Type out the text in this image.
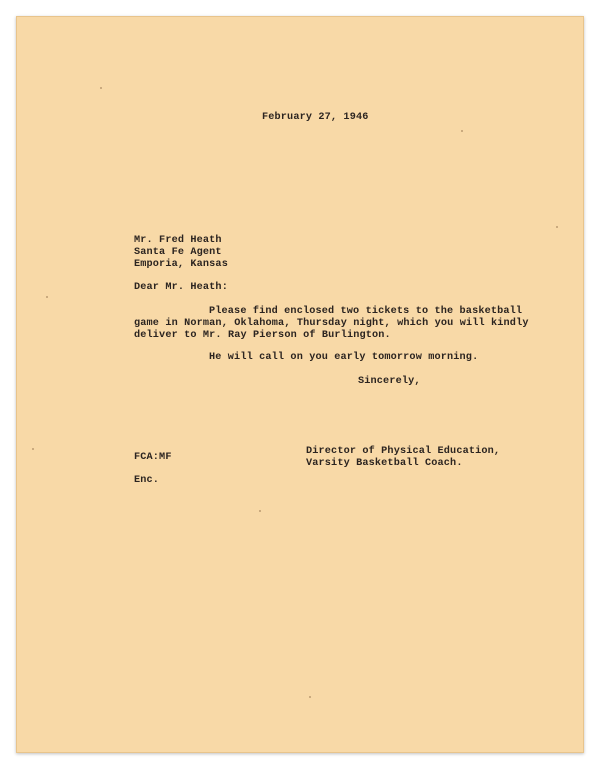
February 27, 1946
Mr. Fred Heath
Santa Fe Agent
Emporia, Kansas
Dear Mr. Heath:
Please find enclosed two tickets to the basketball
game in Norman, Oklahoma, Thursday night, which you will kindly
deliver to Mr. Ray Pierson of Burlington.
He will call on you early tomorrow morning.
Sincerely,
Director of Physical Education,
Varsity Basketball Coach.
FCA:MF
Enc.
